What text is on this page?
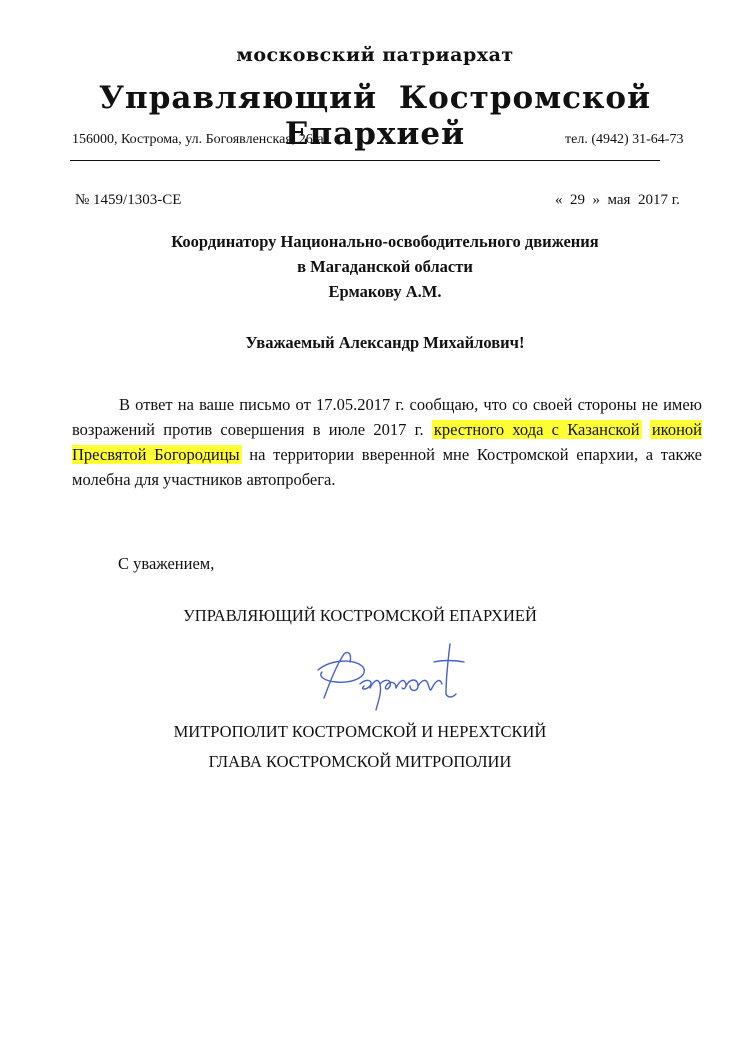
московский патриархат
Управляющий Костромской Епархией
156000, Кострома, ул. Богоявленская, 26-а	тел. (4942) 31-64-73
№ 1459/1303-СЕ	«  29  »  мая  2017 г.
Координатору Национально-освободительного движения
в Магаданской области
Ермакову А.М.
Уважаемый Александр Михайлович!
В ответ на ваше письмо от 17.05.2017 г. сообщаю, что со своей стороны не имею возражений против совершения в июле 2017 г. крестного хода с Казанской иконой Пресвятой Богородицы на территории вверенной мне Костромской епархии, а также молебна для участников автопробега.
С уважением,
УПРАВЛЯЮЩИЙ КОСТРОМСКОЙ ЕПАРХИЕЙ
МИТРОПОЛИТ КОСТРОМСКОЙ И НЕРЕХТСКИЙ
ГЛАВА КОСТРОМСКОЙ МИТРОПОЛИИ
